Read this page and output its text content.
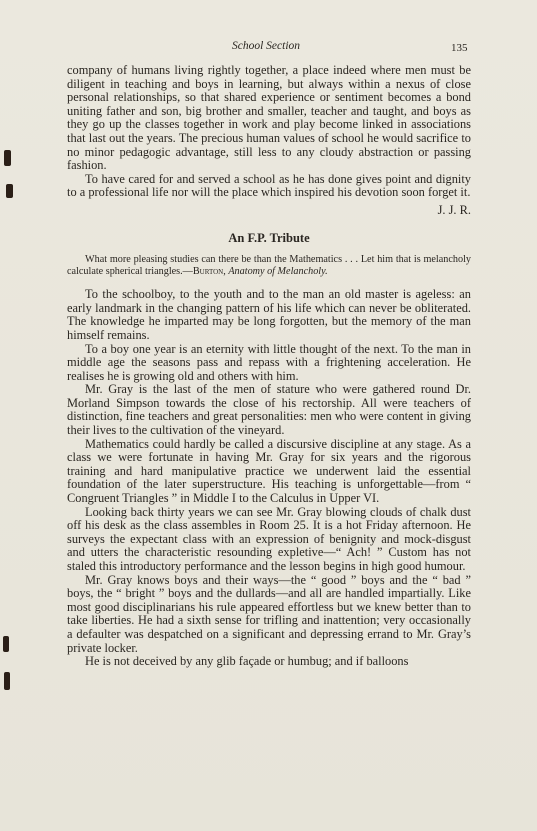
School Section	135

company of humans living rightly together, a place indeed where men must be diligent in teaching and boys in learning, but always within a nexus of close personal relationships, so that shared experience or sentiment becomes a bond uniting father and son, big brother and smaller, teacher and taught, and boys as they go up the classes together in work and play become linked in associations that last out the years. The precious human values of school he would sacrifice to no minor pedagogic advantage, still less to any cloudy abstraction or passing fashion.

To have cared for and served a school as he has done gives point and dignity to a professional life nor will the place which inspired his devotion soon forget it.

J. J. R.

An F.P. Tribute

What more pleasing studies can there be than the Mathematics . . . Let him that is melancholy calculate spherical triangles.—Burton, Anatomy of Melancholy.

To the schoolboy, to the youth and to the man an old master is ageless: an early landmark in the changing pattern of his life which can never be obliterated. The knowledge he imparted may be long forgotten, but the memory of the man himself remains.

To a boy one year is an eternity with little thought of the next. To the man in middle age the seasons pass and repass with a frightening acceleration. He realises he is growing old and others with him.

Mr. Gray is the last of the men of stature who were gathered round Dr. Morland Simpson towards the close of his rectorship. All were teachers of distinction, fine teachers and great personalities: men who were content in giving their lives to the cultivation of the vineyard.

Mathematics could hardly be called a discursive discipline at any stage. As a class we were fortunate in having Mr. Gray for six years and the rigorous training and hard manipulative practice we underwent laid the essential foundation of the later superstructure. His teaching is unforgettable—from “ Congruent Triangles ” in Middle I to the Calculus in Upper VI.

Looking back thirty years we can see Mr. Gray blowing clouds of chalk dust off his desk as the class assembles in Room 25. It is a hot Friday afternoon. He surveys the expectant class with an expression of benignity and mock-disgust and utters the characteristic resounding expletive—“ Ach! ” Custom has not staled this introductory performance and the lesson begins in high good humour.

Mr. Gray knows boys and their ways—the “ good ” boys and the “ bad ” boys, the “ bright ” boys and the dullards—and all are handled impartially. Like most good disciplinarians his rule appeared effortless but we knew better than to take liberties. He had a sixth sense for trifling and inattention; very occasionally a defaulter was despatched on a significant and depressing errand to Mr. Gray’s private locker.

He is not deceived by any glib façade or humbug; and if balloons
